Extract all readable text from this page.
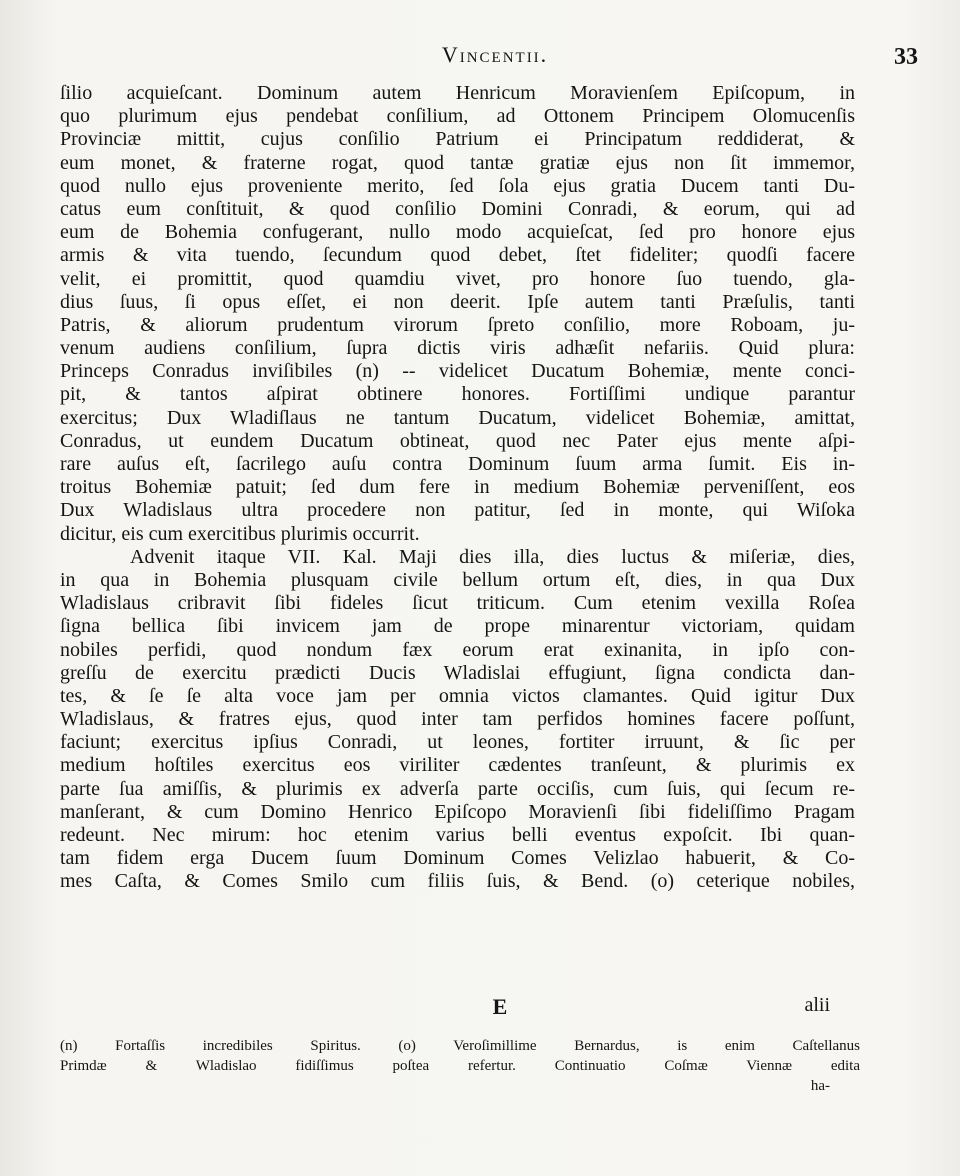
Vincentii.	33
ſilio acquieſcant. Dominum autem Henricum Moravienſem Epiſcopum, in
quo plurimum ejus pendebat conſilium, ad Ottonem Principem Olomucenſis
Provinciæ mittit, cujus conſilio Patrium ei Principatum reddiderat, &
eum monet, & fraterne rogat, quod tantæ gratiæ ejus non ſit immemor,
quod nullo ejus proveniente merito, ſed ſola ejus gratia Ducem tanti Du-
catus eum conſtituit, & quod conſilio Domini Conradi, & eorum, qui ad
eum de Bohemia confugerant, nullo modo acquieſcat, ſed pro honore ejus
armis & vita tuendo, ſecundum quod debet, ſtet fideliter; quodſi facere
velit, ei promittit, quod quamdiu vivet, pro honore ſuo tuendo, gla-
dius ſuus, ſi opus eſſet, ei non deerit. Ipſe autem tanti Præſulis, tanti
Patris, & aliorum prudentum virorum ſpreto conſilio, more Roboam, ju-
venum audiens conſilium, ſupra dictis viris adhæſit nefariis. Quid plura:
Princeps Conradus inviſibiles (n) -- videlicet Ducatum Bohemiæ, mente conci-
pit, & tantos aſpirat obtinere honores. Fortiſſimi undique parantur
exercitus; Dux Wladiſlaus ne tantum Ducatum, videlicet Bohemiæ, amittat,
Conradus, ut eundem Ducatum obtineat, quod nec Pater ejus mente aſpi-
rare auſus eſt, ſacrilego auſu contra Dominum ſuum arma ſumit. Eis in-
troitus Bohemiæ patuit; ſed dum fere in medium Bohemiæ perveniſſent, eos
Dux Wladislaus ultra procedere non patitur, ſed in monte, qui Wiſoka
dicitur, eis cum exercitibus plurimis occurrit.
Advenit itaque VII. Kal. Maji dies illa, dies luctus & miſeriæ, dies,
in qua in Bohemia plusquam civile bellum ortum eſt, dies, in qua Dux
Wladislaus cribravit ſibi fideles ſicut triticum. Cum etenim vexilla Roſea
ſigna bellica ſibi invicem jam de prope minarentur victoriam, quidam
nobiles perfidi, quod nondum fæx eorum erat exinanita, in ipſo con-
greſſu de exercitu prædicti Ducis Wladislai effugiunt, ſigna condicta dan-
tes, & ſe ſe alta voce jam per omnia victos clamantes. Quid igitur Dux
Wladislaus, & fratres ejus, quod inter tam perfidos homines facere poſſunt,
faciunt; exercitus ipſius Conradi, ut leones, fortiter irruunt, & ſic per
medium hoſtiles exercitus eos viriliter cædentes tranſeunt, & plurimis ex
parte ſua amiſſis, & plurimis ex adverſa parte occiſis, cum ſuis, qui ſecum re-
manſerant, & cum Domino Henrico Epiſcopo Moravienſi ſibi fideliſſimo Pragam
redeunt. Nec mirum: hoc etenim varius belli eventus expoſcit. Ibi quan-
tam fidem erga Ducem ſuum Dominum Comes Velizlao habuerit, & Co-
mes Caſta, & Comes Smilo cum filiis ſuis, & Bend. (o) ceterique nobiles,
E	alii
(n) Fortaſſis incredibiles Spiritus. (o) Veroſimillime Bernardus, is enim Caſtellanus
Primdæ & Wladislao fidiſſimus poſtea refertur. Continuatio Coſmæ Viennæ edita
ha-
